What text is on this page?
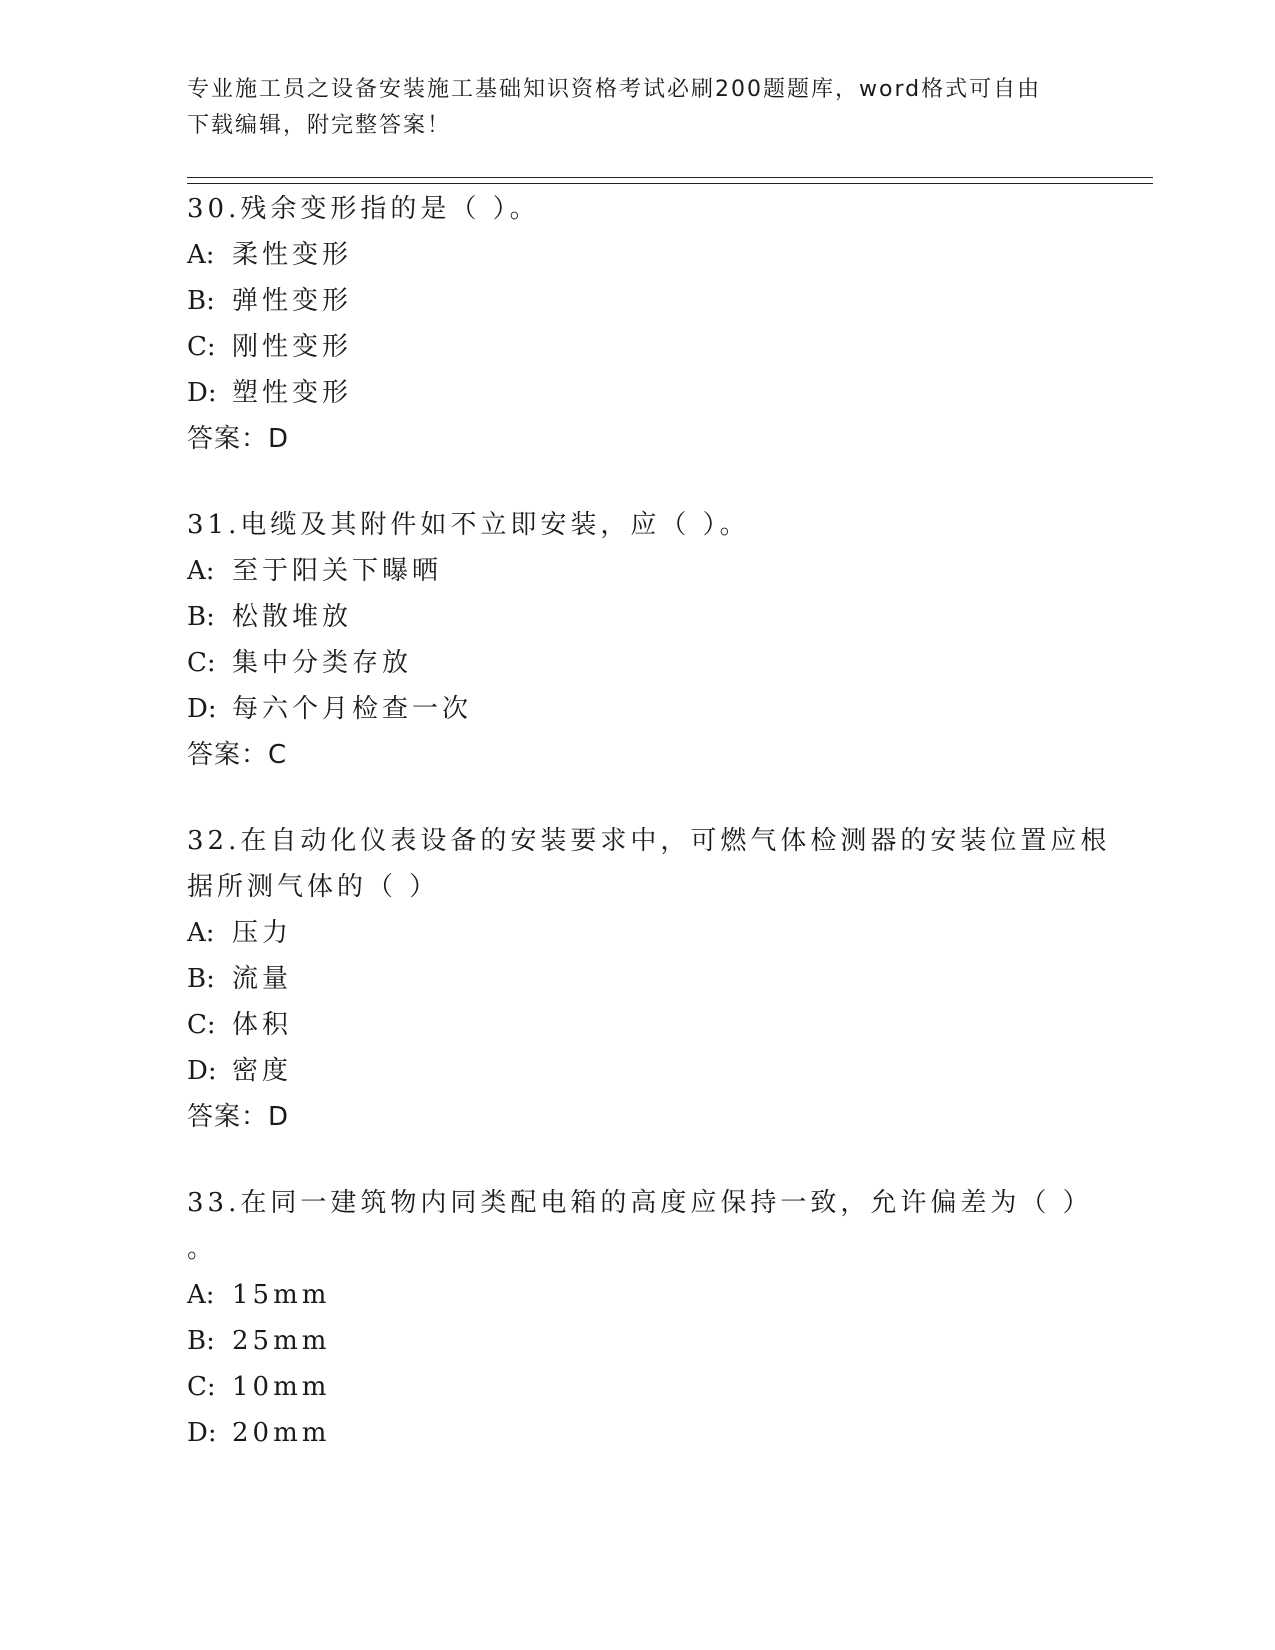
专业施工员之设备安装施工基础知识资格考试必刷200题题库，word格式可自由
下载编辑，附完整答案！
30.残余变形指的是（ ）。
A: 柔性变形
B: 弹性变形
C: 刚性变形
D: 塑性变形
答案：D
31.电缆及其附件如不立即安装，应（ ）。
A: 至于阳关下曝晒
B: 松散堆放
C: 集中分类存放
D: 每六个月检查一次
答案：C
32.在自动化仪表设备的安装要求中，可燃气体检测器的安装位置应根
据所测气体的（ ）
A: 压力
B: 流量
C: 体积
D: 密度
答案：D
33.在同一建筑物内同类配电箱的高度应保持一致，允许偏差为（ ）
。
A: 15mm
B: 25mm
C: 10mm
D: 20mm
